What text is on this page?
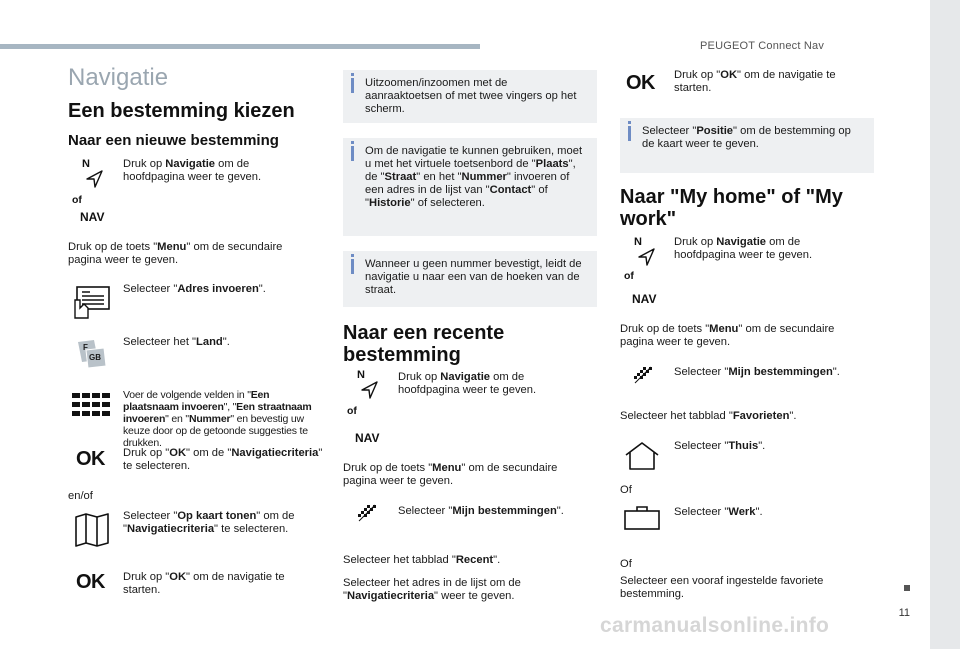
PEUGEOT Connect Nav
Navigatie
Een bestemming kiezen
Naar een nieuwe bestemming
N
of
NAV
Druk op Navigatie om de hoofdpagina weer te geven.
Druk op de toets "Menu" om de secundaire pagina weer te geven.
Selecteer "Adres invoeren".
F
GB
Selecteer het "Land".
Voer de volgende velden in "Een plaatsnaam invoeren", "Een straatnaam invoeren" en "Nummer" en bevestig uw keuze door op de getoonde suggesties te drukken.
OK Druk op "OK" om de "Navigatiecriteria" te selecteren.
en/of
Selecteer "Op kaart tonen" om de "Navigatiecriteria" te selecteren.
OK Druk op "OK" om de navigatie te starten.
Uitzoomen/inzoomen met de aanraaktoetsen of met twee vingers op het scherm.
Om de navigatie te kunnen gebruiken, moet u met het virtuele toetsenbord de "Plaats", de "Straat" en het "Nummer" invoeren of een adres in de lijst van "Contact" of "Historie" of selecteren.
Wanneer u geen nummer bevestigt, leidt de navigatie u naar een van de hoeken van de straat.
Naar een recente bestemming
N
of
NAV
Druk op Navigatie om de hoofdpagina weer te geven.
Druk op de toets "Menu" om de secundaire pagina weer te geven.
Selecteer "Mijn bestemmingen".
Selecteer het tabblad "Recent".
Selecteer het adres in de lijst om de "Navigatiecriteria" weer te geven.
OK Druk op "OK" om de navigatie te starten.
Selecteer "Positie" om de bestemming op de kaart weer te geven.
Naar "My home" of "My work"
N
of
NAV
Druk op Navigatie om de hoofdpagina weer te geven.
Druk op de toets "Menu" om de secundaire pagina weer te geven.
Selecteer "Mijn bestemmingen".
Selecteer het tabblad "Favorieten".
Selecteer "Thuis".
Of
Selecteer "Werk".
Of
Selecteer een vooraf ingestelde favoriete bestemming.
11
carmanualsonline.info
